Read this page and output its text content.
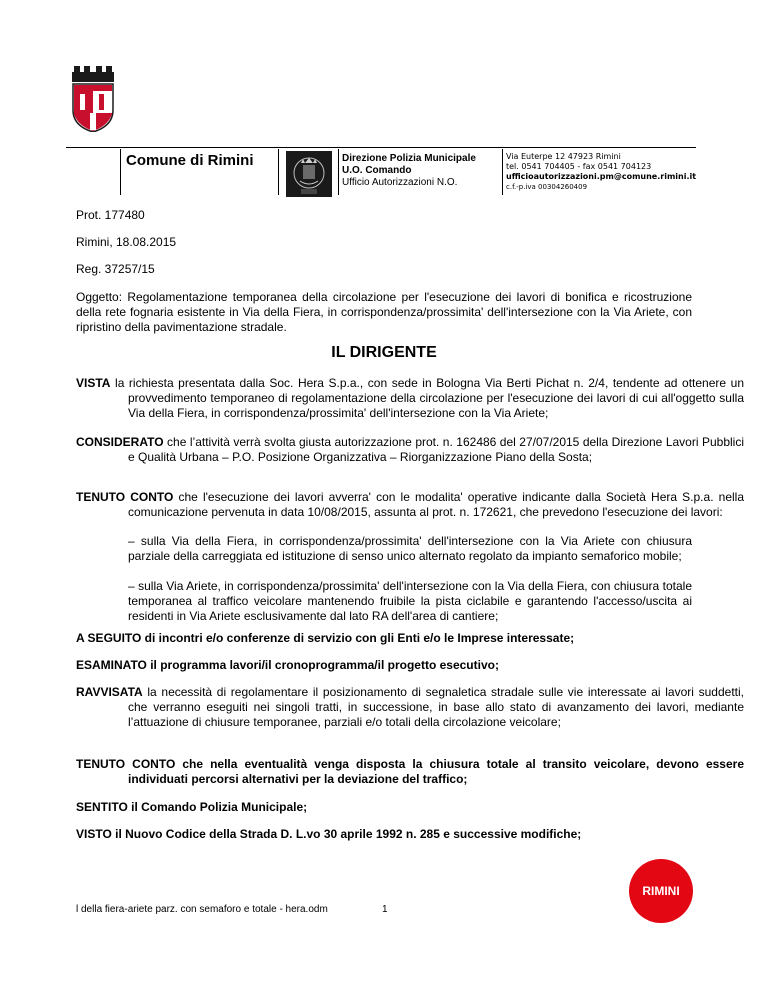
Comune di Rimini	Direzione Polizia Municipale
U.O. Comando
Ufficio Autorizzazioni N.O.
Via Euterpe 12 47923 Rimini
tel. 0541 704405 - fax 0541 704123
ufficioautorizzazioni.pm@comune.rimini.it
c.f.-p.iva 00304260409
Prot. 177480
Rimini, 18.08.2015
Reg. 37257/15
Oggetto: Regolamentazione temporanea della circolazione per l'esecuzione dei lavori di bonifica e ricostruzione della rete fognaria esistente in Via della Fiera, in corrispondenza/prossimita' dell'intersezione con la Via Ariete, con ripristino della pavimentazione stradale.
IL DIRIGENTE
VISTA la richiesta presentata dalla Soc. Hera S.p.a., con sede in Bologna Via Berti Pichat n. 2/4, tendente ad ottenere un provvedimento temporaneo di regolamentazione della circolazione per l'esecuzione dei lavori di cui all'oggetto sulla Via della Fiera, in corrispondenza/prossimita' dell'intersezione con la Via Ariete;
CONSIDERATO che l’attività verrà svolta giusta autorizzazione prot. n. 162486 del 27/07/2015 della Direzione Lavori Pubblici e Qualità Urbana – P.O. Posizione Organizzativa – Riorganizzazione Piano della Sosta;
TENUTO CONTO che l'esecuzione dei lavori avverra' con le modalita' operative indicante dalla Società Hera S.p.a. nella comunicazione pervenuta in data 10/08/2015, assunta al prot. n. 172621, che prevedono l'esecuzione dei lavori:
– sulla Via della Fiera, in corrispondenza/prossimita' dell'intersezione con la Via Ariete con chiusura parziale della carreggiata ed istituzione di senso unico alternato regolato da impianto semaforico mobile;
– sulla Via Ariete, in corrispondenza/prossimita' dell'intersezione con la Via della Fiera, con chiusura totale temporanea al traffico veicolare mantenendo fruibile la pista ciclabile e garantendo l'accesso/uscita ai residenti in Via Ariete esclusivamente dal lato RA dell'area di cantiere;
A SEGUITO di incontri e/o conferenze di servizio con gli Enti e/o le Imprese interessate;
ESAMINATO il programma lavori/il cronoprogramma/il progetto esecutivo;
RAVVISATA la necessità di regolamentare il posizionamento di segnaletica stradale sulle vie interessate ai lavori suddetti, che verranno eseguiti nei singoli tratti, in successione, in base allo stato di avanzamento dei lavori, mediante l’attuazione di chiusure temporanee, parziali e/o totali della circolazione veicolare;
TENUTO CONTO che nella eventualità venga disposta la chiusura totale al transito veicolare, devono essere individuati percorsi alternativi per la deviazione del traffico;
SENTITO il Comando Polizia Municipale;
VISTO il Nuovo Codice della Strada D. L.vo 30 aprile 1992 n. 285 e successive modifiche;
l della fiera-ariete parz. con semaforo e totale - hera.odm	1
RIMINI
